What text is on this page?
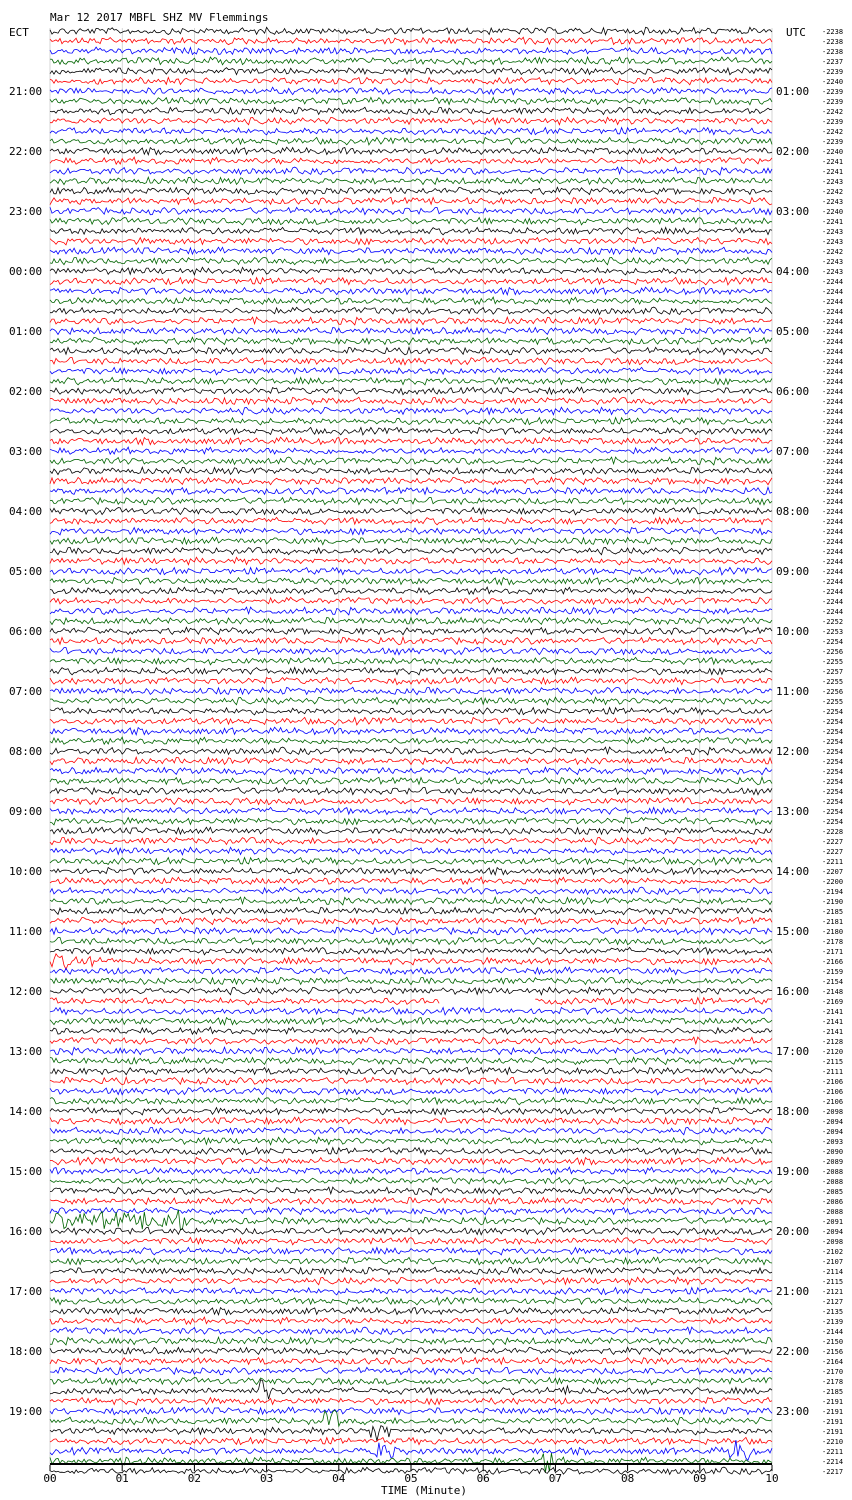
Mar 12 2017 MBFL SHZ MV Flemmings
ECT	UTC
21:00
22:00
23:00
00:00
01:00
02:00
03:00
04:00
05:00
06:00
07:00
08:00
09:00
10:00
11:00
12:00
13:00
14:00
15:00
16:00
17:00
18:00
19:00
01:00
02:00
03:00
04:00
05:00
06:00
07:00
08:00
09:00
10:00
11:00
12:00
13:00
14:00
15:00
16:00
17:00
18:00
19:00
20:00
21:00
22:00
23:00
-2238
-2238
-2238
-2237
-2239
-2240
-2239
-2239
-2242
-2239
-2242
-2239
-2240
-2241
-2241
-2243
-2242
-2243
-2240
-2241
-2243
-2243
-2242
-2243
-2243
-2244
-2244
-2244
-2244
-2244
-2244
-2244
-2244
-2244
-2244
-2244
-2244
-2244
-2244
-2244
-2244
-2244
-2244
-2244
-2244
-2244
-2244
-2244
-2244
-2244
-2244
-2244
-2244
-2244
-2244
-2244
-2244
-2244
-2244
-2252
-2253
-2254
-2256
-2255
-2257
-2255
-2256
-2255
-2254
-2254
-2254
-2254
-2254
-2254
-2254
-2254
-2254
-2254
-2254
-2254
-2228
-2227
-2227
-2211
-2207
-2200
-2194
-2190
-2185
-2181
-2180
-2178
-2171
-2166
-2159
-2154
-2148
-2169
-2141
-2141
-2141
-2128
-2120
-2115
-2111
-2106
-2106
-2106
-2098
-2094
-2094
-2093
-2090
-2089
-2088
-2088
-2085
-2086
-2088
-2091
-2094
-2098
-2102
-2107
-2114
-2115
-2121
-2127
-2135
-2139
-2144
-2150
-2156
-2164
-2170
-2178
-2185
-2191
-2191
-2191
-2191
-2210
-2211
-2214
-2217
00	01	02	03	04	05	06	07	08	09	10
TIME (Minute)
